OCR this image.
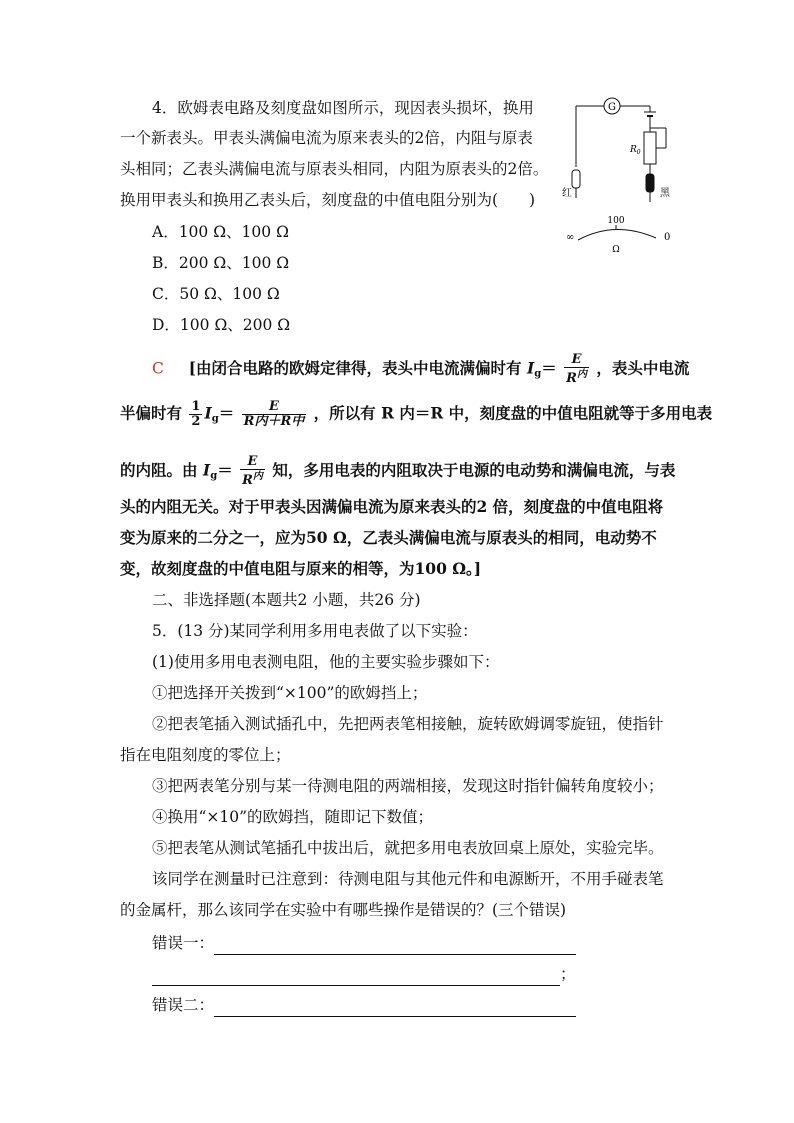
4．欧姆表电路及刻度盘如图所示，现因表头损坏，换用
一个新表头。甲表头满偏电流为原来表头的2倍，内阻与原表
头相同；乙表头满偏电流与原表头相同，内阻为原表头的2倍。
换用甲表头和换用乙表头后，刻度盘的中值电阻分别为(　　)
A．100 Ω、100 Ω
B．200 Ω、100 Ω
C．50 Ω、100 Ω
D．100 Ω、200 Ω
G
$R_0$
红	黑
∞
100
0
Ω
C [由闭合电路的欧姆定律得，表头中电流满偏时有 $I_g= \frac{E}{R^内}$ ，表头中电流
半偏时有 $\frac{1}{2} I_g= \frac{E}{\text{R内＋R中}}$ ，所以有 R 内＝R 中，刻度盘的中值电阻就等于多用电表
的内阻。由 $I_g= \frac{E}{R^内}$ 知，多用电表的内阻取决于电源的电动势和满偏电流，与表
头的内阻无关。对于甲表头因满偏电流为原来表头的2 倍，刻度盘的中值电阻将
变为原来的二分之一，应为50 Ω，乙表头满偏电流与原表头的相同，电动势不
变，故刻度盘的中值电阻与原来的相等，为100 Ω。]
二、非选择题(本题共2 小题，共26 分)
5．(13 分)某同学利用多用电表做了以下实验：
(1)使用多用电表测电阻，他的主要实验步骤如下：
①把选择开关拨到“×100”的欧姆挡上；
②把表笔插入测试插孔中，先把两表笔相接触，旋转欧姆调零旋钮，使指针
指在电阻刻度的零位上；
③把两表笔分别与某一待测电阻的两端相接，发现这时指针偏转角度较小；
④换用“×10”的欧姆挡，随即记下数值；
⑤把表笔从测试笔插孔中拔出后，就把多用电表放回桌上原处，实验完毕。
该同学在测量时已注意到：待测电阻与其他元件和电源断开，不用手碰表笔
的金属杆，那么该同学在实验中有哪些操作是错误的？(三个错误)
错误一：
；
错误二：
